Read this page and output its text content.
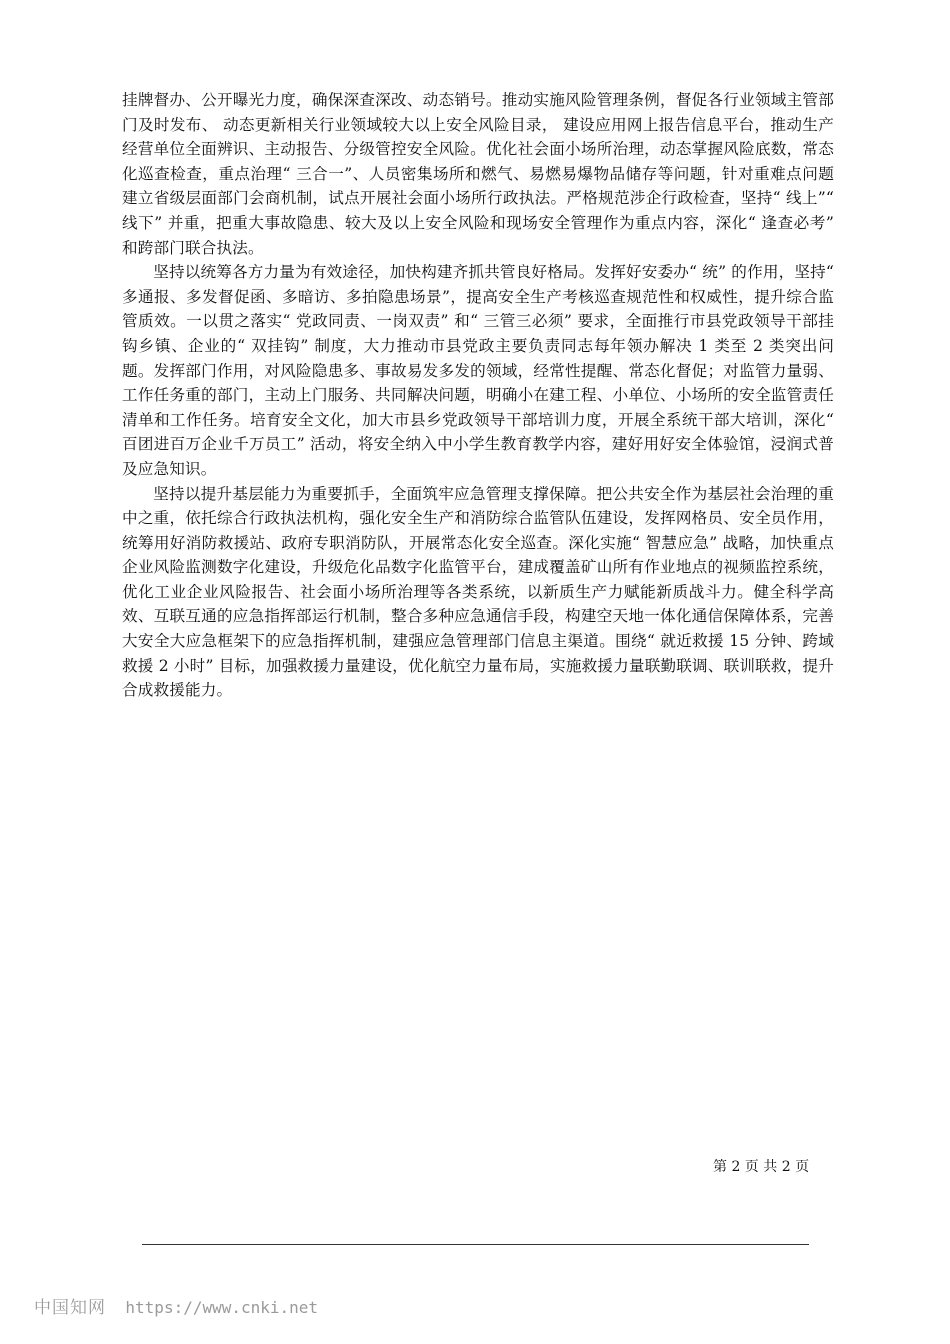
挂牌督办、公开曝光力度，确保深查深改、动态销号。推动实施风险管理条例，督促各行业领域主管部门及时发布、 动态更新相关行业领域较大以上安全风险目录， 建设应用网上报告信息平台，推动生产经营单位全面辨识、主动报告、分级管控安全风险。优化社会面小场所治理，动态掌握风险底数，常态化巡查检查，重点治理“ 三合一”、人员密集场所和燃气、易燃易爆物品储存等问题，针对重难点问题建立省级层面部门会商机制，试点开展社会面小场所行政执法。严格规范涉企行政检查，坚持“ 线上”“ 线下” 并重，把重大事故隐患、较大及以上安全风险和现场安全管理作为重点内容，深化“ 逢查必考” 和跨部门联合执法。

坚持以统筹各方力量为有效途径，加快构建齐抓共管良好格局。发挥好安委办“ 统” 的作用，坚持“ 多通报、多发督促函、多暗访、多拍隐患场景”，提高安全生产考核巡查规范性和权威性，提升综合监管质效。一以贯之落实“ 党政同责、一岗双责” 和“ 三管三必须” 要求，全面推行市县党政领导干部挂钩乡镇、企业的“ 双挂钩” 制度，大力推动市县党政主要负责同志每年领办解决 1 类至 2 类突出问题。发挥部门作用，对风险隐患多、事故易发多发的领域，经常性提醒、常态化督促；对监管力量弱、工作任务重的部门，主动上门服务、共同解决问题，明确小在建工程、小单位、小场所的安全监管责任清单和工作任务。培育安全文化，加大市县乡党政领导干部培训力度，开展全系统干部大培训，深化“ 百团进百万企业千万员工” 活动，将安全纳入中小学生教育教学内容，建好用好安全体验馆，浸润式普及应急知识。

坚持以提升基层能力为重要抓手，全面筑牢应急管理支撑保障。把公共安全作为基层社会治理的重中之重，依托综合行政执法机构，强化安全生产和消防综合监管队伍建设，发挥网格员、安全员作用，统筹用好消防救援站、政府专职消防队，开展常态化安全巡查。深化实施“ 智慧应急” 战略，加快重点企业风险监测数字化建设，升级危化品数字化监管平台，建成覆盖矿山所有作业地点的视频监控系统，优化工业企业风险报告、社会面小场所治理等各类系统，以新质生产力赋能新质战斗力。健全科学高效、互联互通的应急指挥部运行机制，整合多种应急通信手段，构建空天地一体化通信保障体系，完善大安全大应急框架下的应急指挥机制，建强应急管理部门信息主渠道。围绕“ 就近救援 15 分钟、跨域救援 2 小时” 目标，加强救援力量建设，优化航空力量布局，实施救援力量联勤联调、联训联救，提升合成救援能力。

第 2 页 共 2 页
中国知网 https://www.cnki.net
